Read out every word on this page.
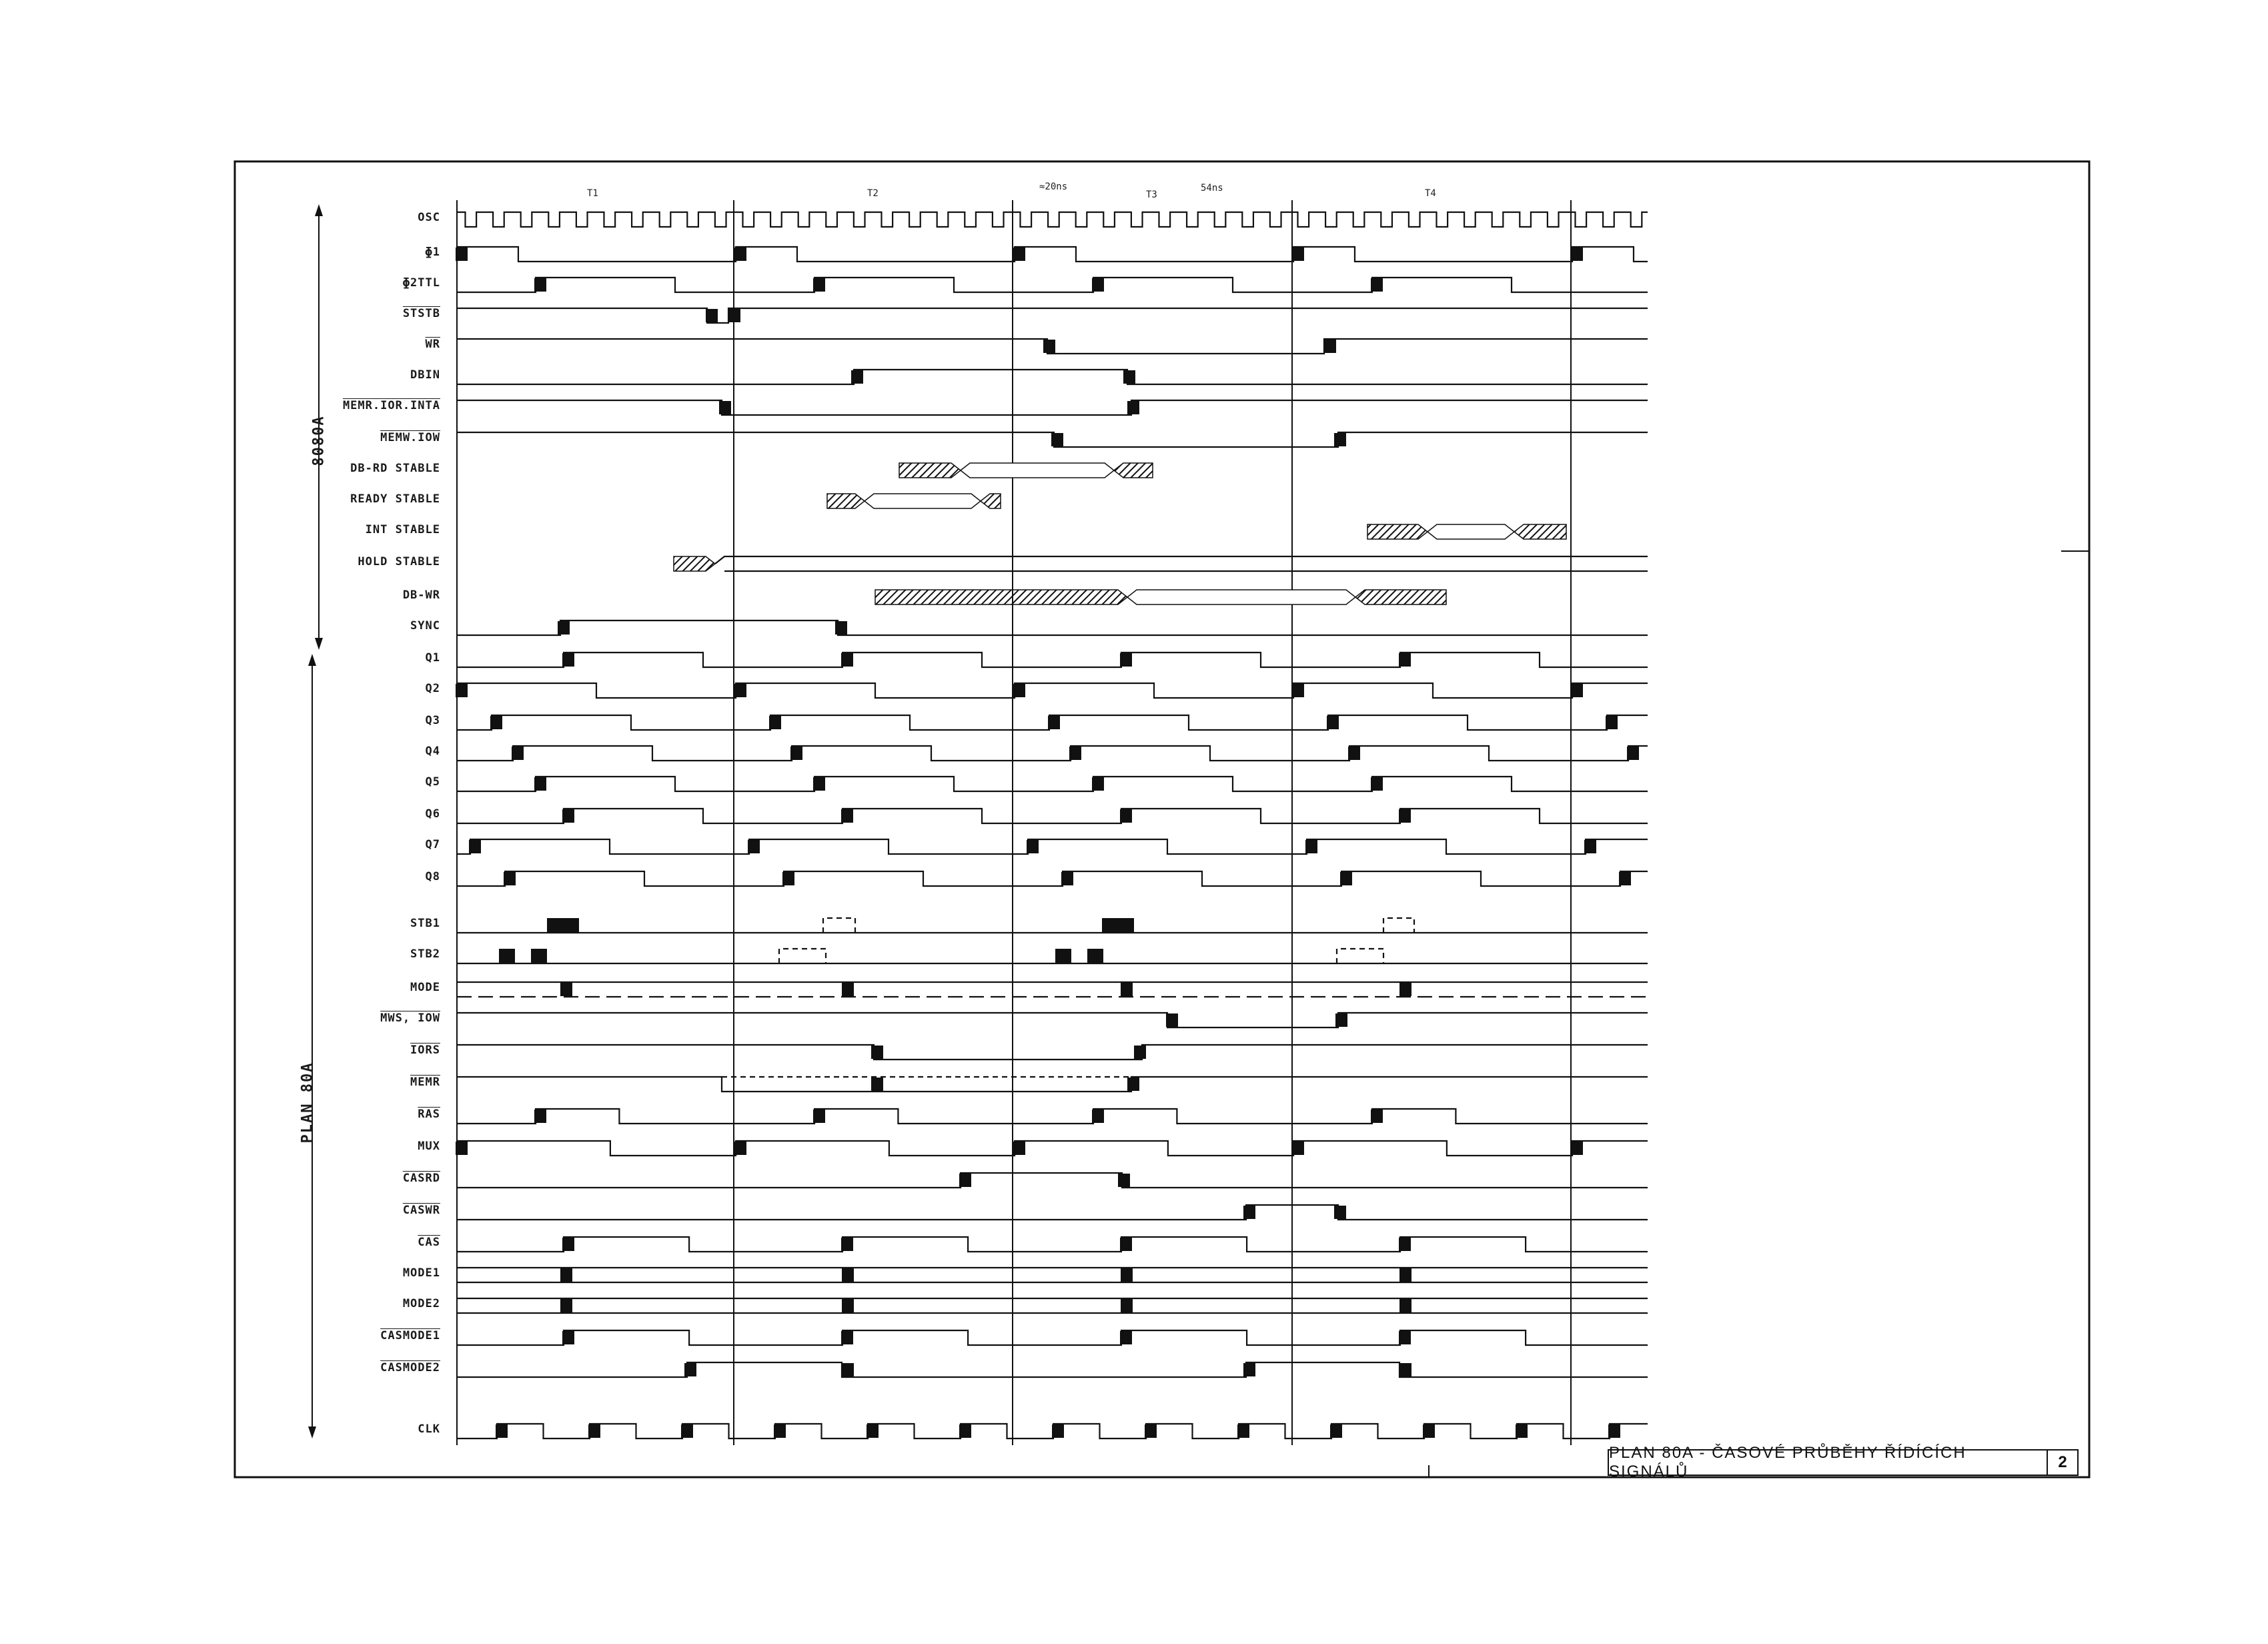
OSC
ɸ1
ɸ2TTL
STSTB
$\overline{WR}$
DBIN
MEMR.IOR.INTA
MEMW.IOW
DB-RD STABLE
READY STABLE
INT STABLE
HOLD STABLE
DB-WR
SYNC
Q1
Q2
Q3
Q4
Q5
Q6
Q7
Q8
STB1
STB2
MODE
MWS, IOW
IORS
MEMR
$\overline{RAS}$
MUX
CASRD
CASWR
$\overline{CAS}$
MODE1
MODE2
CASMODE1
CASMODE2
CLK
8080A
PLAN 80A
T1	T2	T3	T4
≈20ns	54ns
PLAN 80A - ČASOVÉ PRŮBĚHY ŘÍDÍCÍCH SIGNÁLŮ
2
